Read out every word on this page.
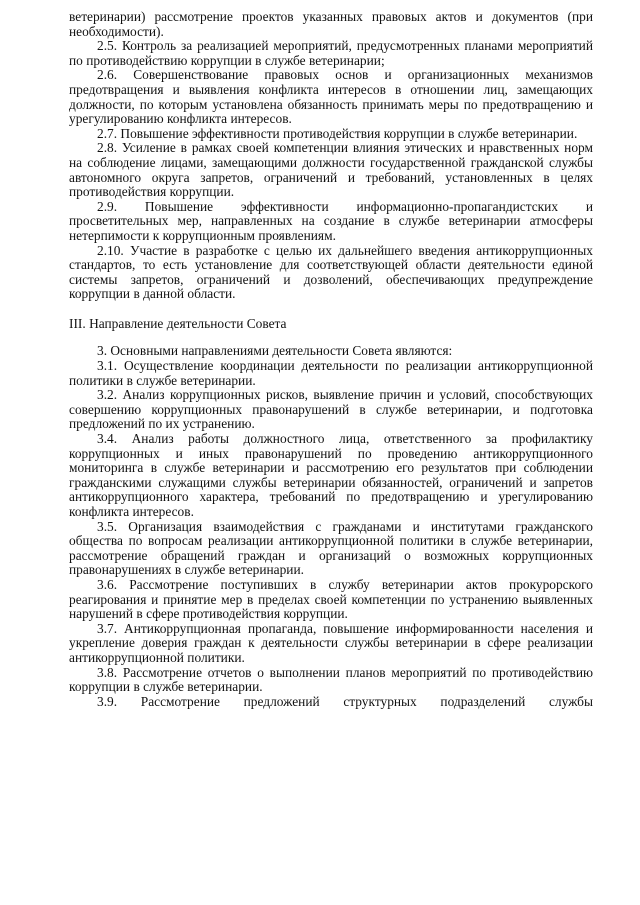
ветеринарии) рассмотрение проектов указанных правовых актов и документов (при необходимости).

2.5. Контроль за реализацией мероприятий, предусмотренных планами мероприятий по противодействию коррупции в службе ветеринарии;

2.6. Совершенствование правовых основ и организационных механизмов предотвращения и выявления конфликта интересов в отношении лиц, замещающих должности, по которым установлена обязанность принимать меры по предотвращению и урегулированию конфликта интересов.

2.7. Повышение эффективности противодействия коррупции в службе ветеринарии.

2.8. Усиление в рамках своей компетенции влияния этических и нравственных норм на соблюдение лицами, замещающими должности государственной гражданской службы автономного округа запретов, ограничений и требований, установленных в целях противодействия коррупции.

2.9. Повышение эффективности информационно-пропагандистских и просветительных мер, направленных на создание в службе ветеринарии атмосферы нетерпимости к коррупционным проявлениям.

2.10. Участие в разработке с целью их дальнейшего введения антикоррупционных стандартов, то есть установление для соответствующей области деятельности единой системы запретов, ограничений и дозволений, обеспечивающих предупреждение коррупции в данной области.

III. Направление деятельности Совета

3. Основными направлениями деятельности Совета являются:

3.1. Осуществление координации деятельности по реализации антикоррупционной политики в службе ветеринарии.

3.2. Анализ коррупционных рисков, выявление причин и условий, способствующих совершению коррупционных правонарушений в службе ветеринарии, и подготовка предложений по их устранению.

3.4. Анализ работы должностного лица, ответственного за профилактику коррупционных и иных правонарушений по проведению антикоррупционного мониторинга в службе ветеринарии и рассмотрению его результатов при соблюдении гражданскими служащими службы ветеринарии обязанностей, ограничений и запретов антикоррупционного характера, требований по предотвращению и урегулированию конфликта интересов.

3.5. Организация взаимодействия с гражданами и институтами гражданского общества по вопросам реализации антикоррупционной политики в службе ветеринарии, рассмотрение обращений граждан и организаций о возможных коррупционных правонарушениях в службе ветеринарии.

3.6. Рассмотрение поступивших в службу ветеринарии актов прокурорского реагирования и принятие мер в пределах своей компетенции по устранению выявленных нарушений в сфере противодействия коррупции.

3.7. Антикоррупционная пропаганда, повышение информированности населения и укрепление доверия граждан к деятельности службы ветеринарии в сфере реализации антикоррупционной политики.

3.8. Рассмотрение отчетов о выполнении планов мероприятий по противодействию коррупции в службе ветеринарии.

3.9. Рассмотрение предложений структурных подразделений службы
